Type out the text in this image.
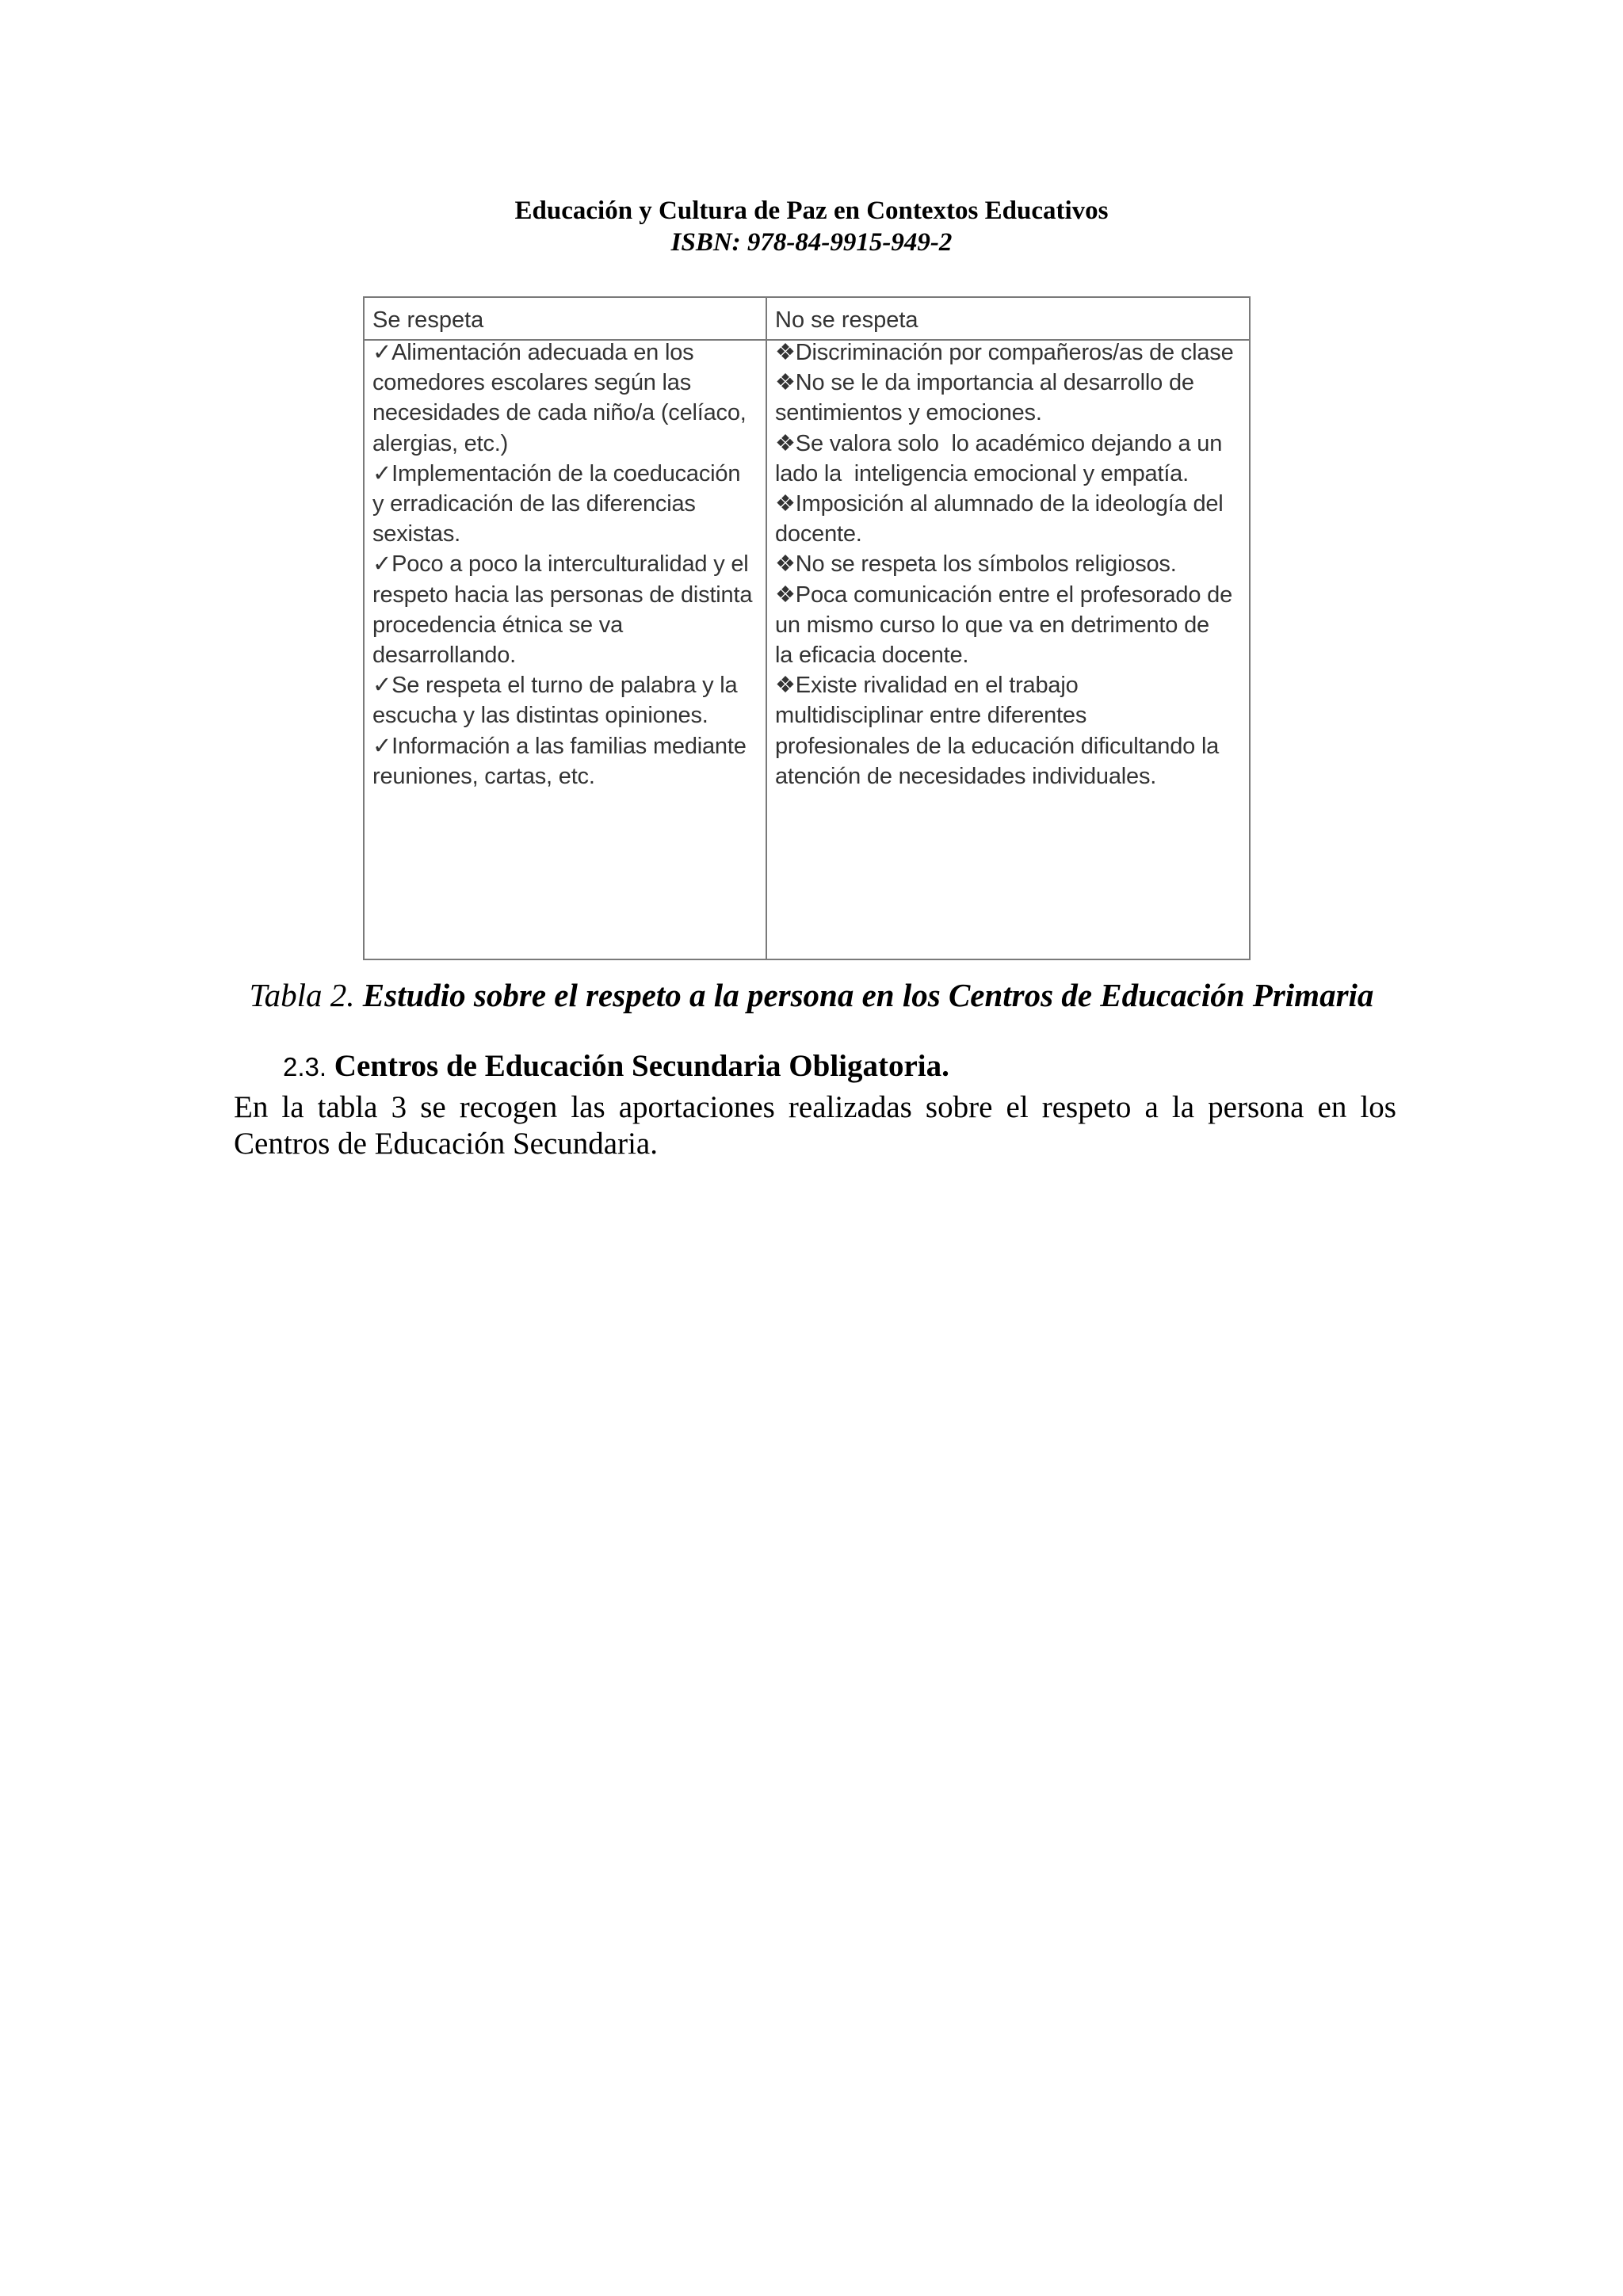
Educación y Cultura de Paz en Contextos Educativos
ISBN: 978-84-9915-949-2
Se respeta	No se respeta
✓Alimentación adecuada en los
comedores escolares según las
necesidades de cada niño/a (celíaco,
alergias, etc.)
✓Implementación de la coeducación
y erradicación de las diferencias
sexistas.
✓Poco a poco la interculturalidad y el
respeto hacia las personas de distinta
procedencia étnica se va
desarrollando.
✓Se respeta el turno de palabra y la
escucha y las distintas opiniones.
✓Información a las familias mediante
reuniones, cartas, etc.
❖Discriminación por compañeros/as de clase
❖No se le da importancia al desarrollo de
sentimientos y emociones.
❖Se valora solo  lo académico dejando a un
lado la  inteligencia emocional y empatía.
❖Imposición al alumnado de la ideología del
docente.
❖No se respeta los símbolos religiosos.
❖Poca comunicación entre el profesorado de
un mismo curso lo que va en detrimento de
la eficacia docente.
❖Existe rivalidad en el trabajo
multidisciplinar entre diferentes
profesionales de la educación dificultando la
atención de necesidades individuales.
Tabla 2. Estudio sobre el respeto a la persona en los Centros de Educación Primaria
2.3. Centros de Educación Secundaria Obligatoria.
En la tabla 3 se recogen las aportaciones realizadas sobre el respeto a la persona en los Centros de Educación Secundaria.
